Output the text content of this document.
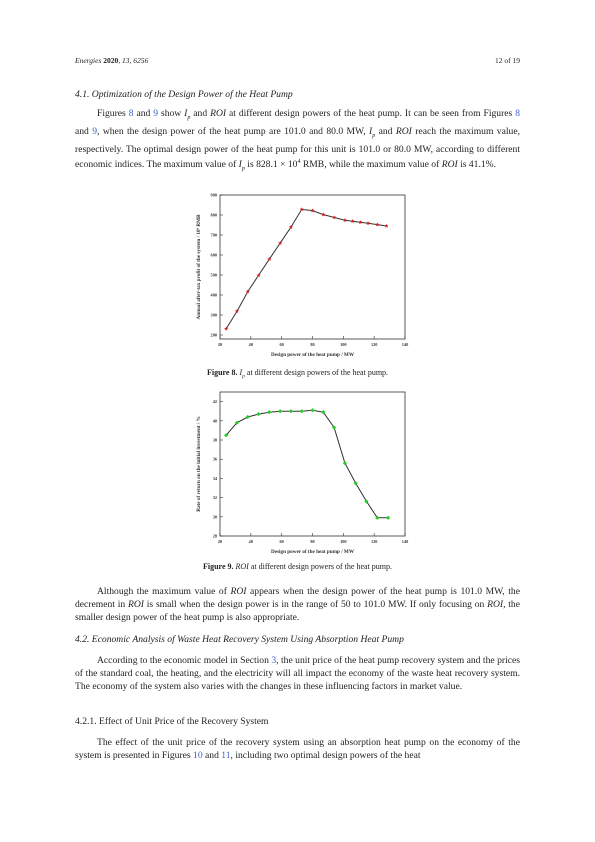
Energies 2020, 13, 6256	12 of 19
4.1. Optimization of the Design Power of the Heat Pump

Figures 8 and 9 show $I_p$ and ROI at different design powers of the heat pump. It can be seen from Figures 8 and 9, when the design power of the heat pump are 101.0 and 80.0 MW, $I_p$ and ROI reach the maximum value, respectively. The optimal design power of the heat pump for this unit is 101.0 or 80.0 MW, according to different economic indices. The maximum value of $I_p$ is $828.1 \times 10^4$ RMB, while the maximum value of ROI is 41.1%.

20	40	60	80	100	120	140
200
300
400
500
600
700
800
900
Design power of the heat pump / MW
Annual after-tax profit of the system / 10⁴ RMB
Figure 8. $I_p$ at different design powers of the heat pump.
20	40	60	80	100	120	140
28
30
32
34
36
38
40
42
Design power of the heat pump / MW
Rate of return on the initial investment / %
Figure 9. ROI at different design powers of the heat pump.

Although the maximum value of ROI appears when the design power of the heat pump is 101.0 MW, the decrement in ROI is small when the design power is in the range of 50 to 101.0 MW. If only focusing on ROI, the smaller design power of the heat pump is also appropriate.

4.2. Economic Analysis of Waste Heat Recovery System Using Absorption Heat Pump

According to the economic model in Section 3, the unit price of the heat pump recovery system and the prices of the standard coal, the heating, and the electricity will all impact the economy of the waste heat recovery system. The economy of the system also varies with the changes in these influencing factors in market value.

4.2.1. Effect of Unit Price of the Recovery System

The effect of the unit price of the recovery system using an absorption heat pump on the economy of the system is presented in Figures 10 and 11, including two optimal design powers of the heat
